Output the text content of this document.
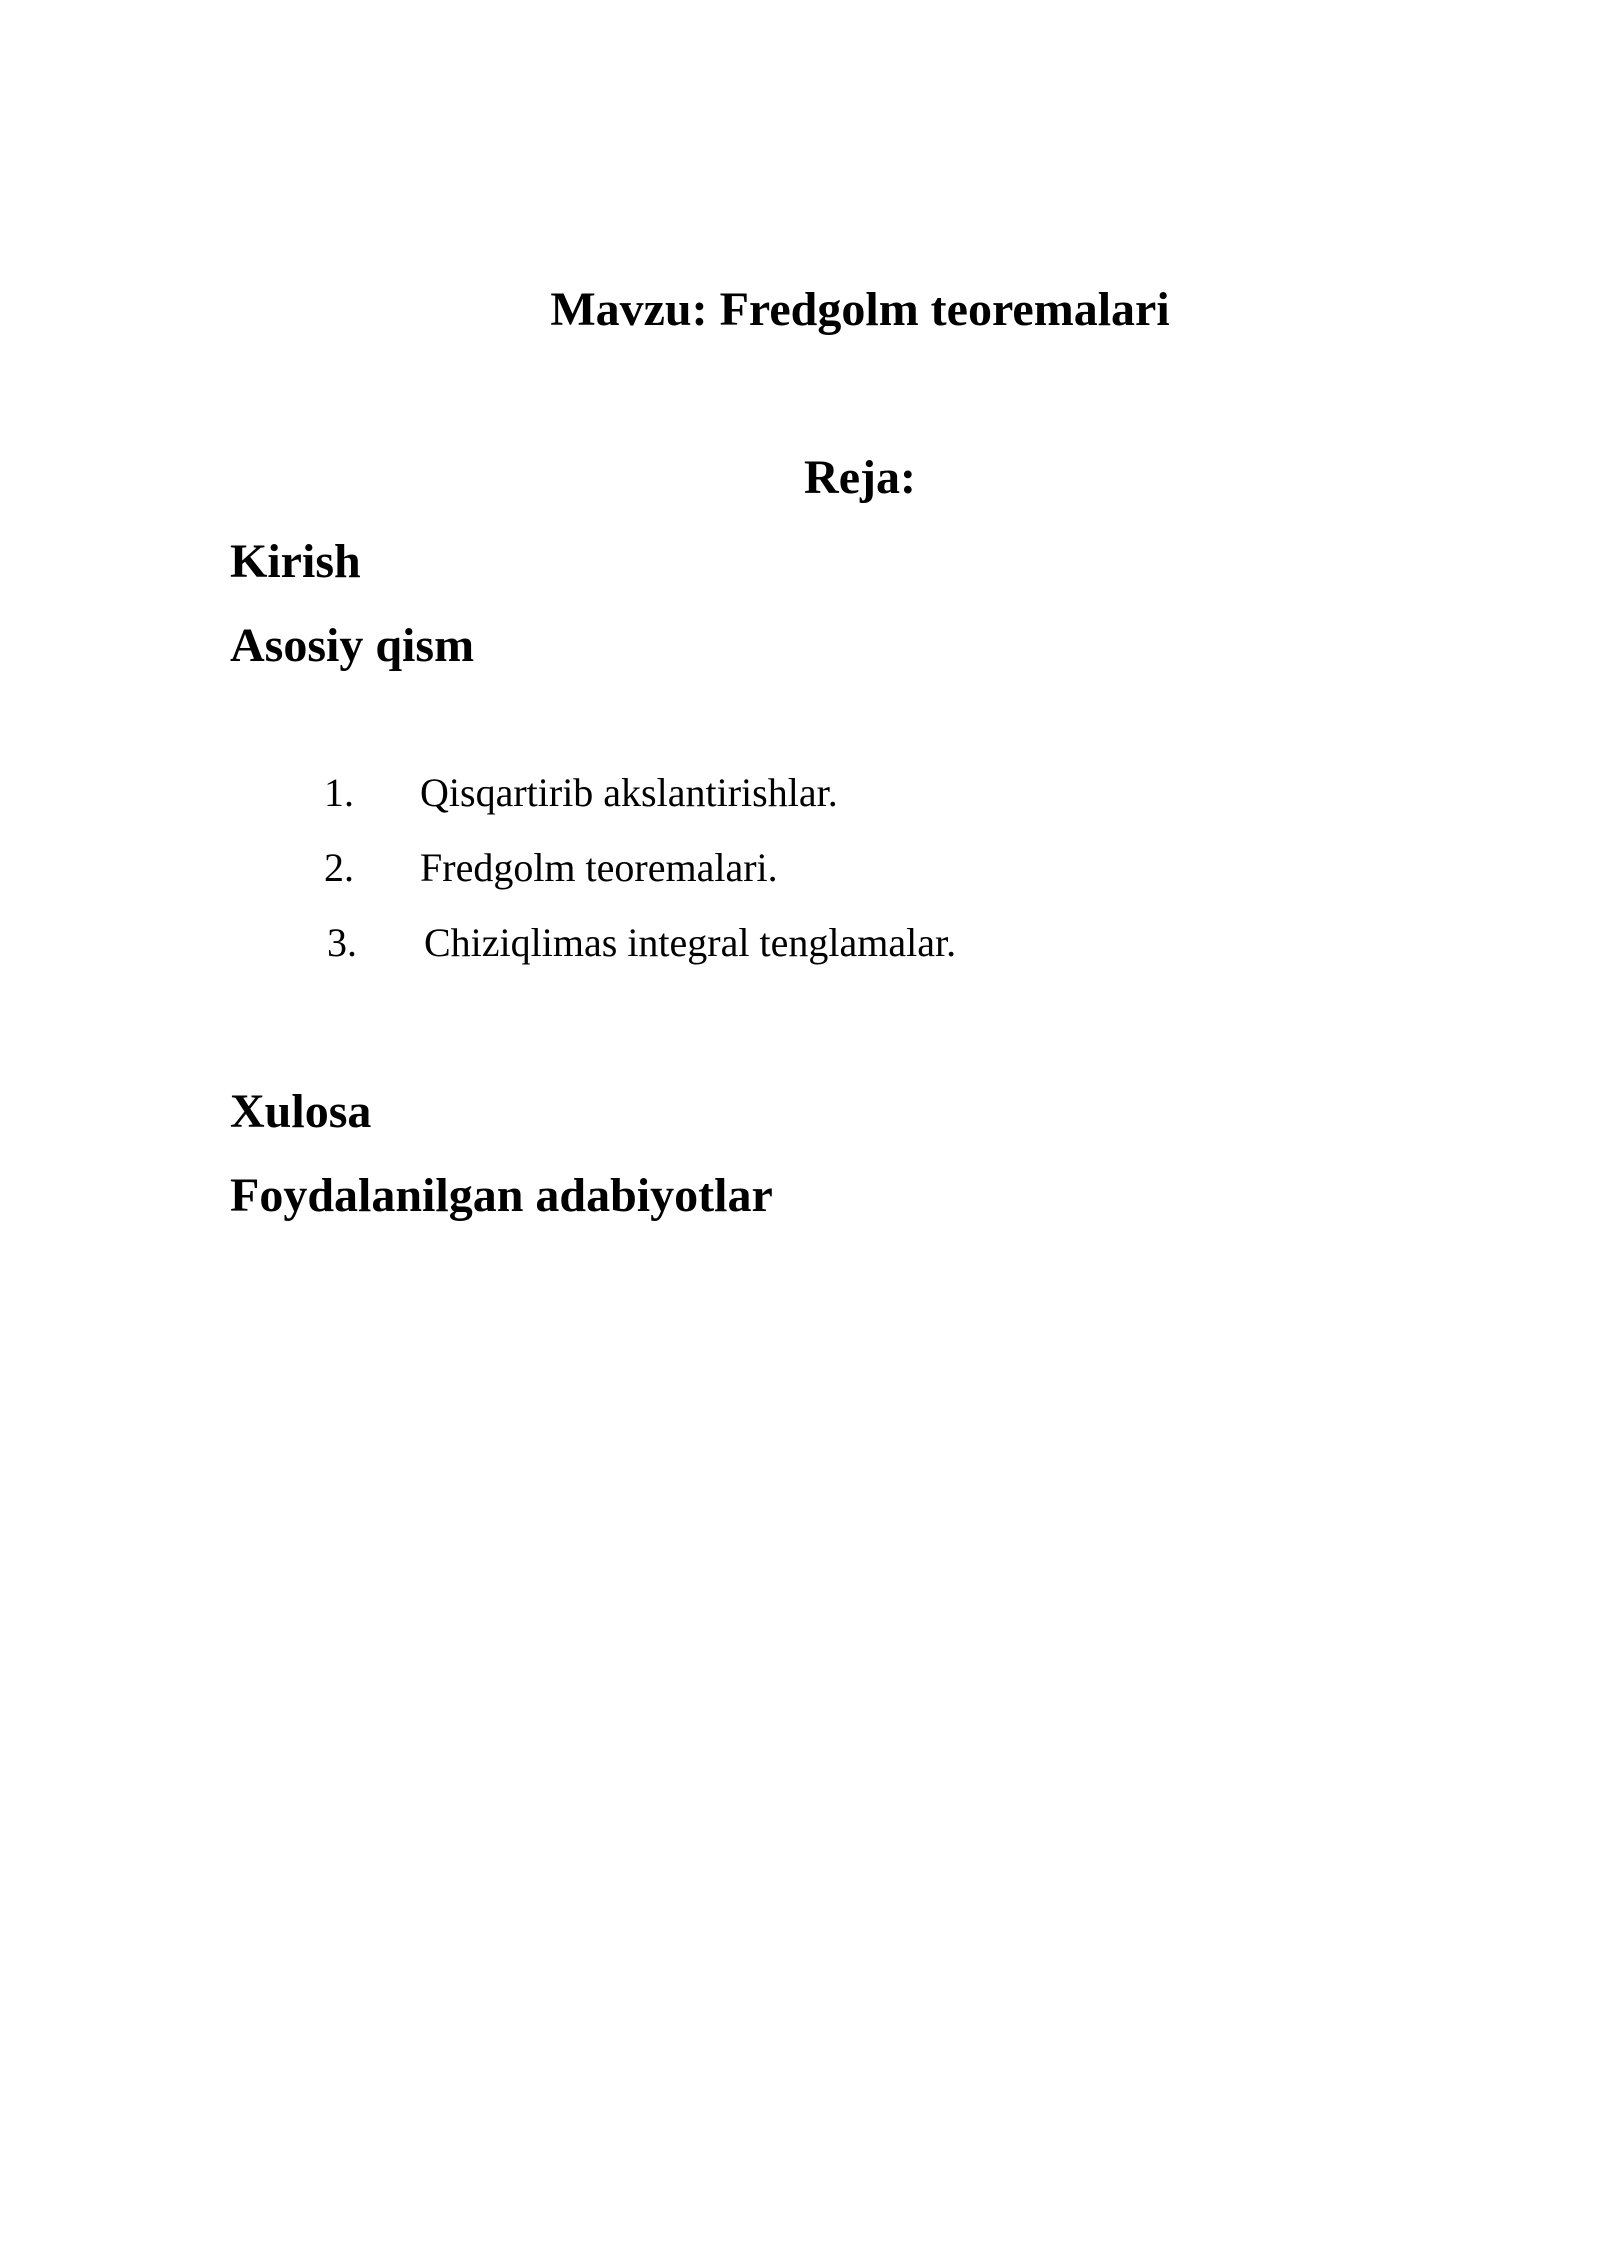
Mavzu: Fredgolm teoremalari
Reja:
Kirish
Asosiy qism
1. Qisqartirib akslantirishlar.
2. Fredgolm teoremalari.
3. Chiziqlimas integral tenglamalar.
Xulosa
Foydalanilgan adabiyotlar
